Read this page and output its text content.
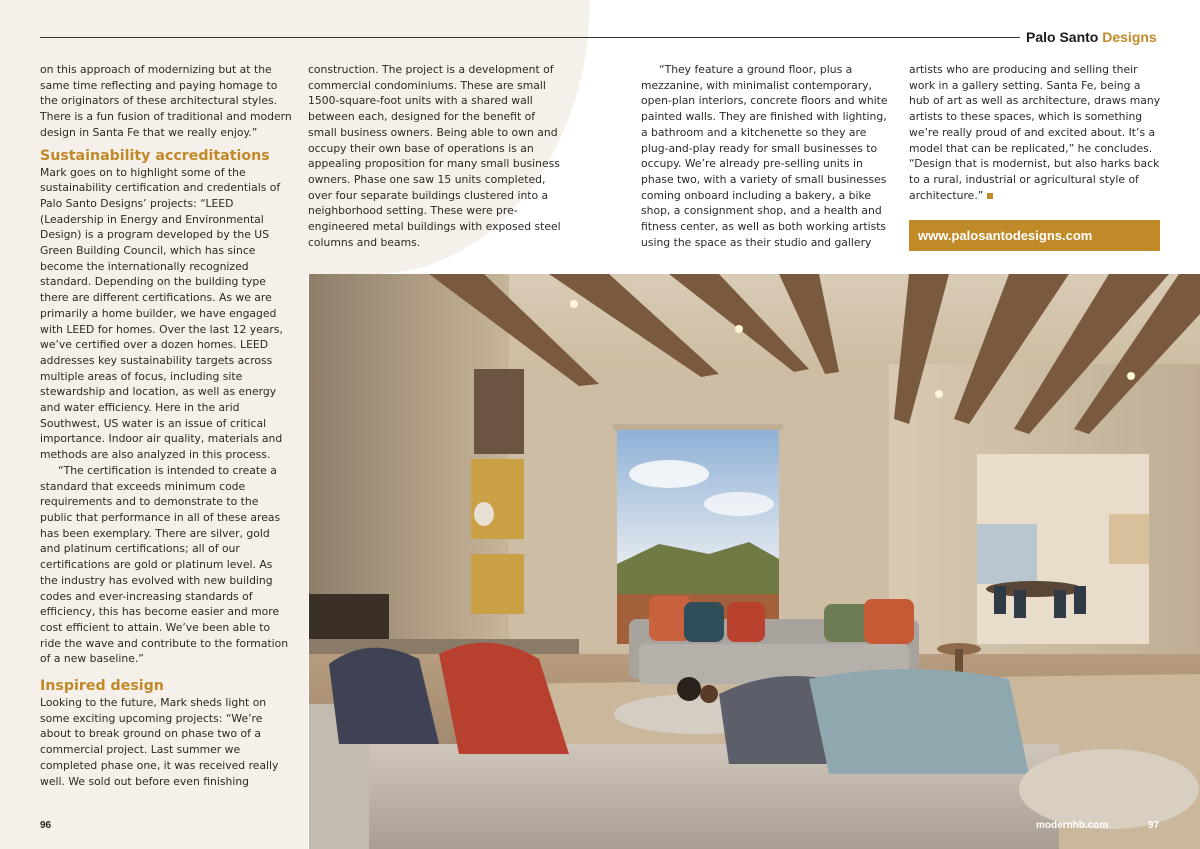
Palo Santo Designs

on this approach of modernizing but at the same time reflecting and paying homage to the originators of these architectural styles. There is a fun fusion of traditional and modern design in Santa Fe that we really enjoy.”

Sustainability accreditations

Mark goes on to highlight some of the sustainability certification and credentials of Palo Santo Designs’ projects: “LEED (Leadership in Energy and Environmental Design) is a program developed by the US Green Building Council, which has since become the internationally recognized standard. Depending on the building type there are different certifications. As we are primarily a home builder, we have engaged with LEED for homes. Over the last 12 years, we’ve certified over a dozen homes. LEED addresses key sustainability targets across multiple areas of focus, including site stewardship and location, as well as energy and water efficiency. Here in the arid Southwest, US water is an issue of critical importance. Indoor air quality, materials and methods are also analyzed in this process.

“The certification is intended to create a standard that exceeds minimum code requirements and to demonstrate to the public that performance in all of these areas has been exemplary. There are silver, gold and platinum certifications; all of our certifications are gold or platinum level. As the industry has evolved with new building codes and ever-increasing standards of efficiency, this has become easier and more cost efficient to attain. We’ve been able to ride the wave and contribute to the formation of a new baseline.”

Inspired design

Looking to the future, Mark sheds light on some exciting upcoming projects: “We’re about to break ground on phase two of a commercial project. Last summer we completed phase one, it was received really well. We sold out before even finishing

construction. The project is a development of commercial condominiums. These are small 1500-square-foot units with a shared wall between each, designed for the benefit of small business owners. Being able to own and occupy their own base of operations is an appealing proposition for many small business owners. Phase one saw 15 units completed, over four separate buildings clustered into a neighborhood setting. These were pre-engineered metal buildings with exposed steel columns and beams.

“They feature a ground floor, plus a mezzanine, with minimalist contemporary, open-plan interiors, concrete floors and white painted walls. They are finished with lighting, a bathroom and a kitchenette so they are plug-and-play ready for small businesses to occupy. We’re already pre-selling units in phase two, with a variety of small businesses coming onboard including a bakery, a bike shop, a consignment shop, and a health and fitness center, as well as both working artists using the space as their studio and gallery

artists who are producing and selling their work in a gallery setting. Santa Fe, being a hub of art as well as architecture, draws many artists to these spaces, which is something we’re really proud of and excited about. It’s a model that can be replicated,” he concludes. “Design that is modernist, but also harks back to a rural, industrial or agricultural style of architecture.”

www.palosantodesigns.com
96	modernhb.com	97
